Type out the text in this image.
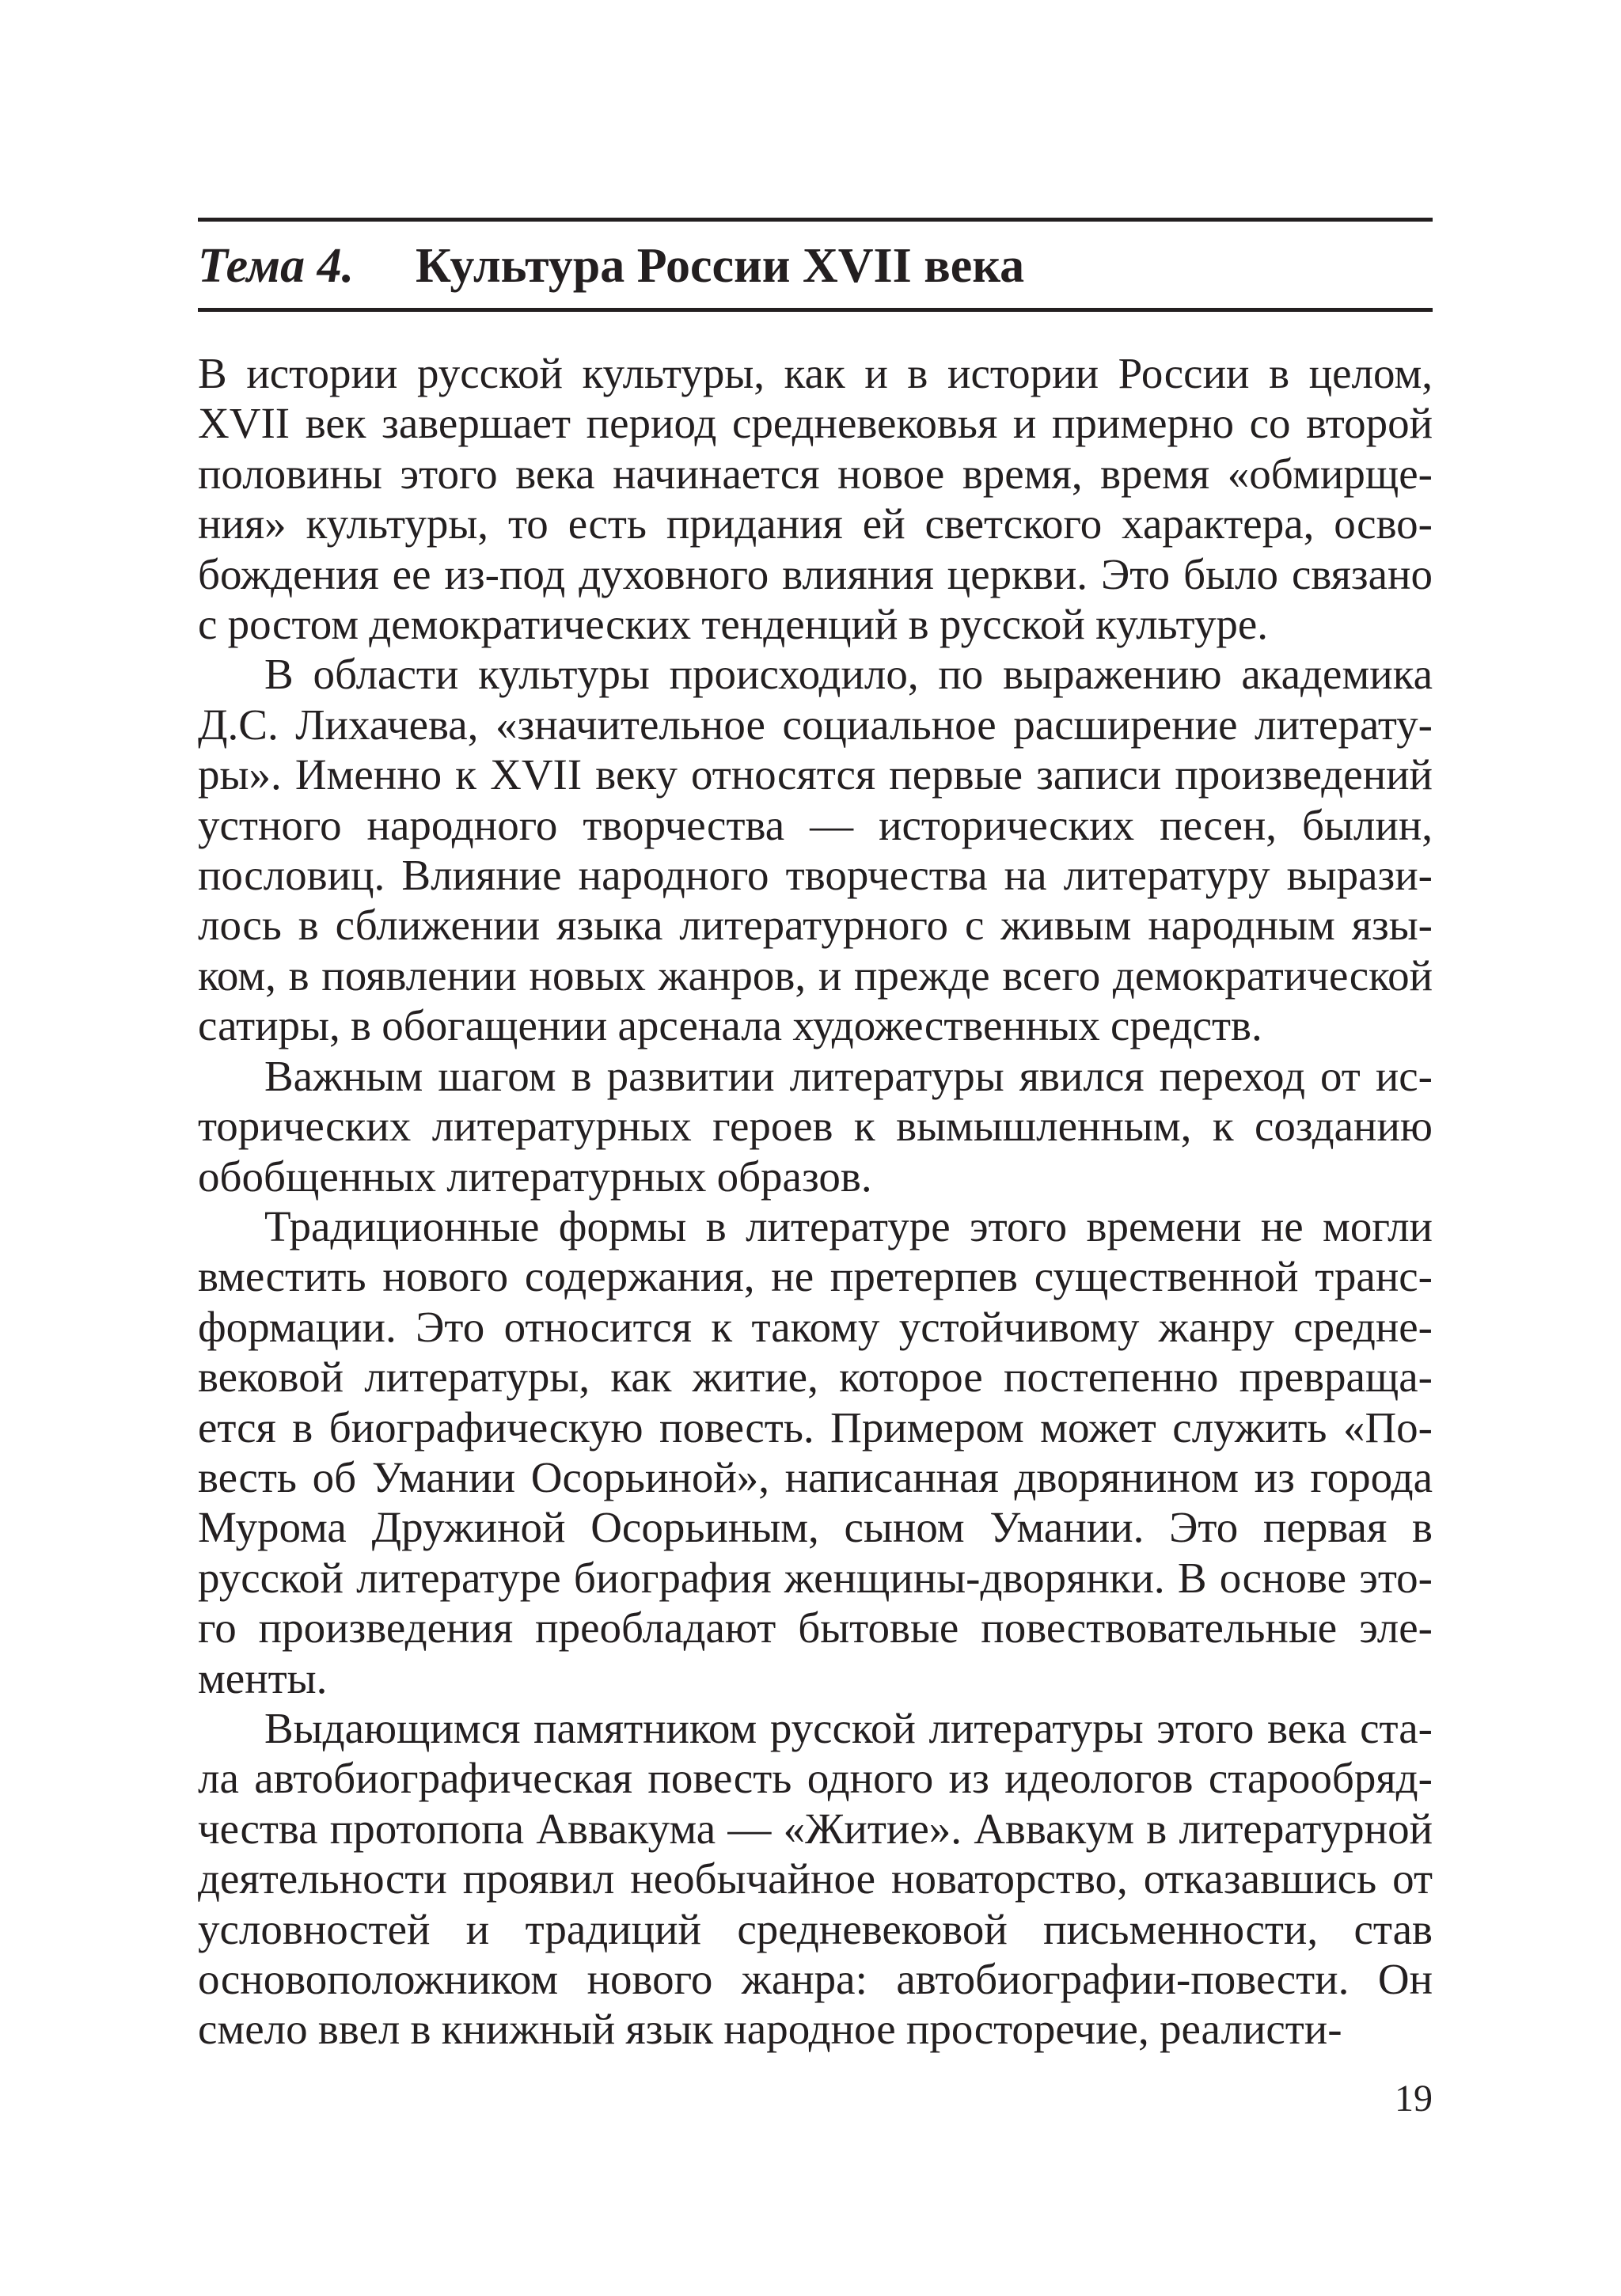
Тема 4. Культура России XVII века

В истории русской культуры, как и в истории России в целом, XVII век завершает период средневековья и примерно со второй половины этого века начинается новое время, время «обмирщения» культуры, то есть придания ей светского характера, освобождения ее из-под духовного влияния церкви. Это было связано с ростом демократических тенденций в русской культуре.

В области культуры происходило, по выражению академика Д.С. Лихачева, «значительное социальное расширение литературы». Именно к XVII веку относятся первые записи произведений устного народного творчества — исторических песен, былин, пословиц. Влияние народного творчества на литературу выразилось в сближении языка литературного с живым народным языком, в появлении новых жанров, и прежде всего демократической сатиры, в обогащении арсенала художественных средств.

Важным шагом в развитии литературы явился переход от исторических литературных героев к вымышленным, к созданию обобщенных литературных образов.

Традиционные формы в литературе этого времени не могли вместить нового содержания, не претерпев существенной трансформации. Это относится к такому устойчивому жанру средневековой литературы, как житие, которое постепенно превращается в биографическую повесть. Примером может служить «Повесть об Умании Осорьиной», написанная дворянином из города Мурома Дружиной Осорьиным, сыном Умании. Это первая в русской литературе биография женщины-дворянки. В основе этого произведения преобладают бытовые повествовательные элементы.

Выдающимся памятником русской литературы этого века стала автобиографическая повесть одного из идеологов старообрядчества протопопа Аввакума — «Житие». Аввакум в литературной деятельности проявил необычайное новаторство, отказавшись от условностей и традиций средневековой письменности, став основоположником нового жанра: автобиографии-повести. Он смело ввел в книжный язык народное просторечие, реалисти-

19
